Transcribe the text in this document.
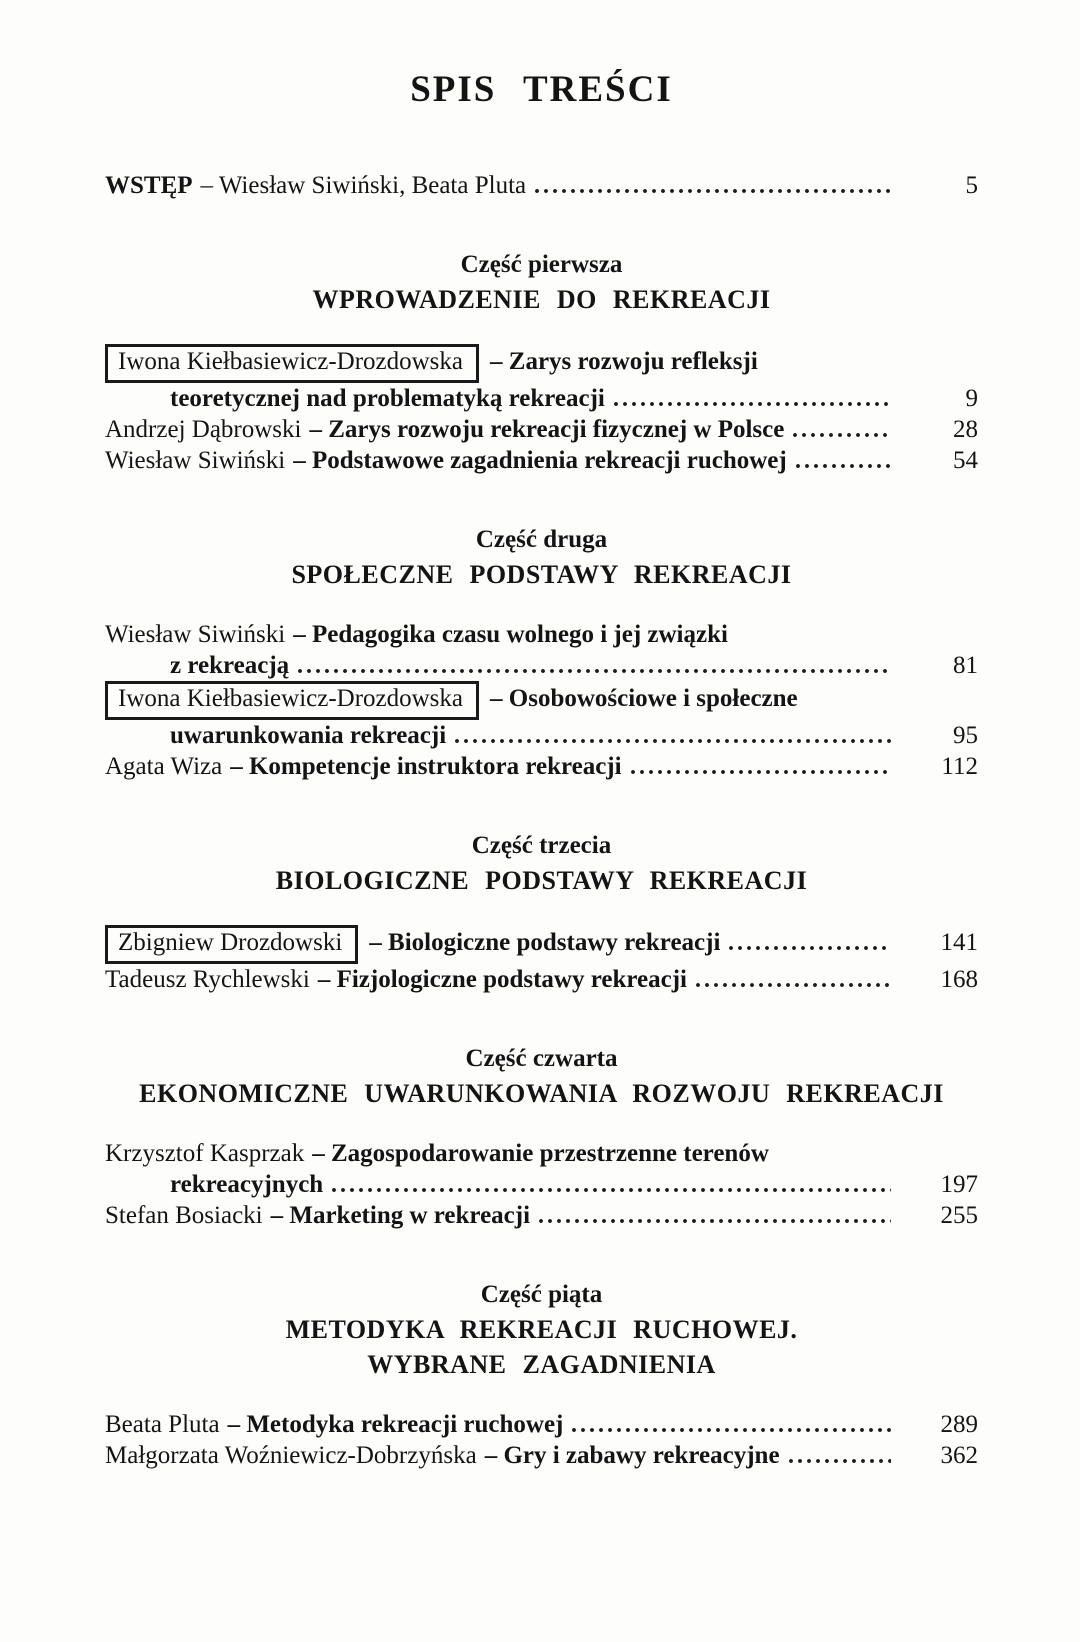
SPIS TREŚCI
WSTĘP – Wiesław Siwiński, Beata Pluta	5
Część pierwsza
WPROWADZENIE DO REKREACJI
Iwona Kiełbasiewicz-Drozdowska – Zarys rozwoju refleksji
teoretycznej nad problematyką rekreacji	9
Andrzej Dąbrowski – Zarys rozwoju rekreacji fizycznej w Polsce	28
Wiesław Siwiński – Podstawowe zagadnienia rekreacji ruchowej	54
Część druga
SPOŁECZNE PODSTAWY REKREACJI
Wiesław Siwiński – Pedagogika czasu wolnego i jej związki
z rekreacją	81
Iwona Kiełbasiewicz-Drozdowska – Osobowościowe i społeczne
uwarunkowania rekreacji	95
Agata Wiza – Kompetencje instruktora rekreacji	112
Część trzecia
BIOLOGICZNE PODSTAWY REKREACJI
Zbigniew Drozdowski – Biologiczne podstawy rekreacji	141
Tadeusz Rychlewski – Fizjologiczne podstawy rekreacji	168
Część czwarta
EKONOMICZNE UWARUNKOWANIA ROZWOJU REKREACJI
Krzysztof Kasprzak – Zagospodarowanie przestrzenne terenów
rekreacyjnych	197
Stefan Bosiacki – Marketing w rekreacji	255
Część piąta
METODYKA REKREACJI RUCHOWEJ.
WYBRANE ZAGADNIENIA
Beata Pluta – Metodyka rekreacji ruchowej	289
Małgorzata Woźniewicz-Dobrzyńska – Gry i zabawy rekreacyjne	362
